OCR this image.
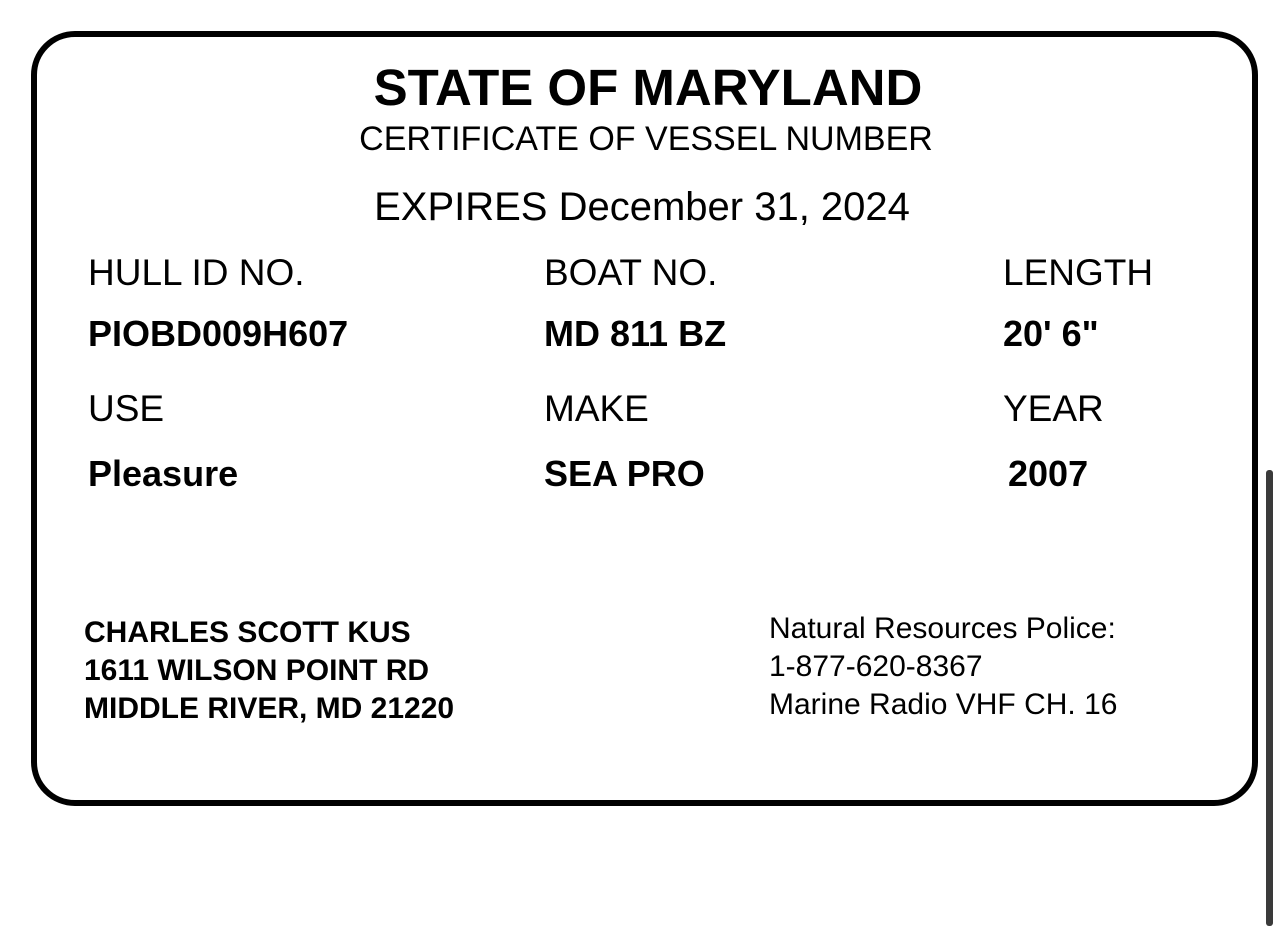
STATE OF MARYLAND
CERTIFICATE OF VESSEL NUMBER
EXPIRES December 31, 2024
HULL ID NO.	BOAT NO.	LENGTH
PIOBD009H607	MD 811 BZ	20' 6"
USE	MAKE	YEAR
Pleasure	SEA PRO	2007
CHARLES SCOTT KUS
1611 WILSON POINT RD
MIDDLE RIVER, MD 21220
Natural Resources Police:
1-877-620-8367
Marine Radio VHF CH. 16
